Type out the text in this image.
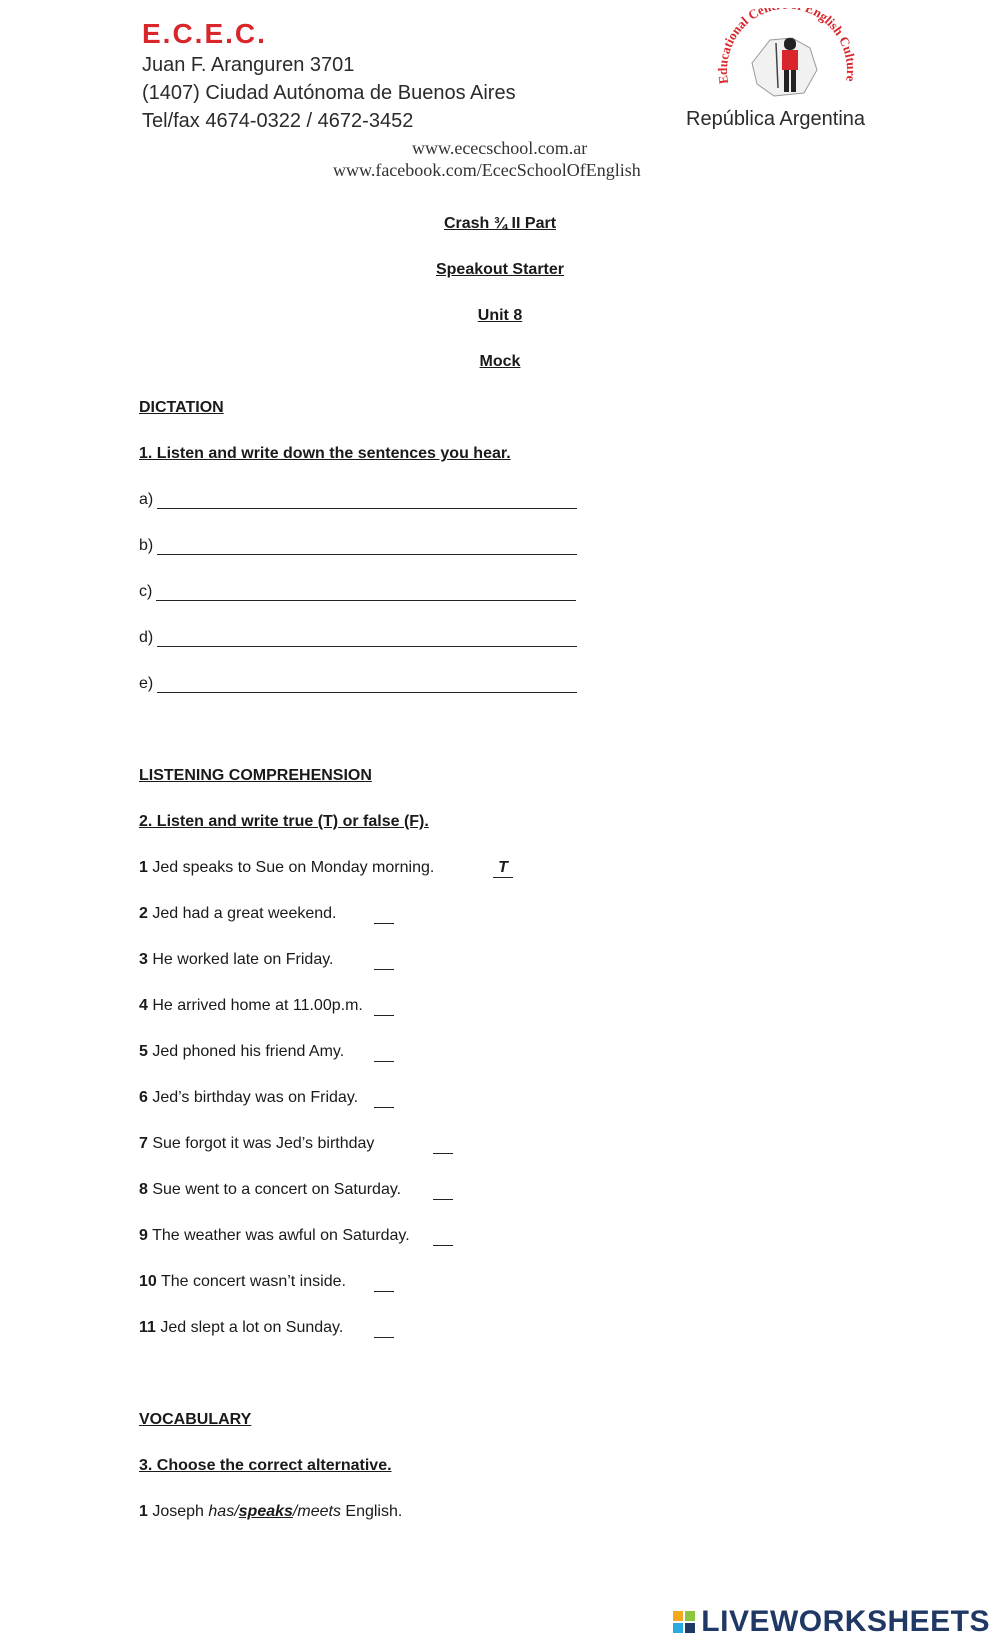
E.C.E.C.
Juan F. Aranguren 3701
(1407) Ciudad Autónoma de Buenos Aires
Tel/fax 4674-0322 / 4672-3452
www.ececschool.com.ar
www.facebook.com/EcecSchoolOfEnglish
Educational Ce English Culture
República Argentina
Crash ¾ II Part
Speakout Starter
Unit 8
Mock
DICTATION
1. Listen and write down the sentences you hear.
a)
b)
c)
d)
e)
LISTENING COMPREHENSION
2. Listen and write true (T) or false (F).
1 Jed speaks to Sue on Monday morning.	T
2 Jed had a great weekend.
3 He worked late on Friday.
4 He arrived home at 11.00p.m.
5 Jed phoned his friend Amy.
6 Jed’s birthday was on Friday.
7 Sue forgot it was Jed’s birthday
8 Sue went to a concert on Saturday.
9 The weather was awful on Saturday.
10 The concert wasn’t inside.
11 Jed slept a lot on Sunday.
VOCABULARY
3. Choose the correct alternative.
1 Joseph has/speaks/meets English.
LIVEWORKSHEETS
